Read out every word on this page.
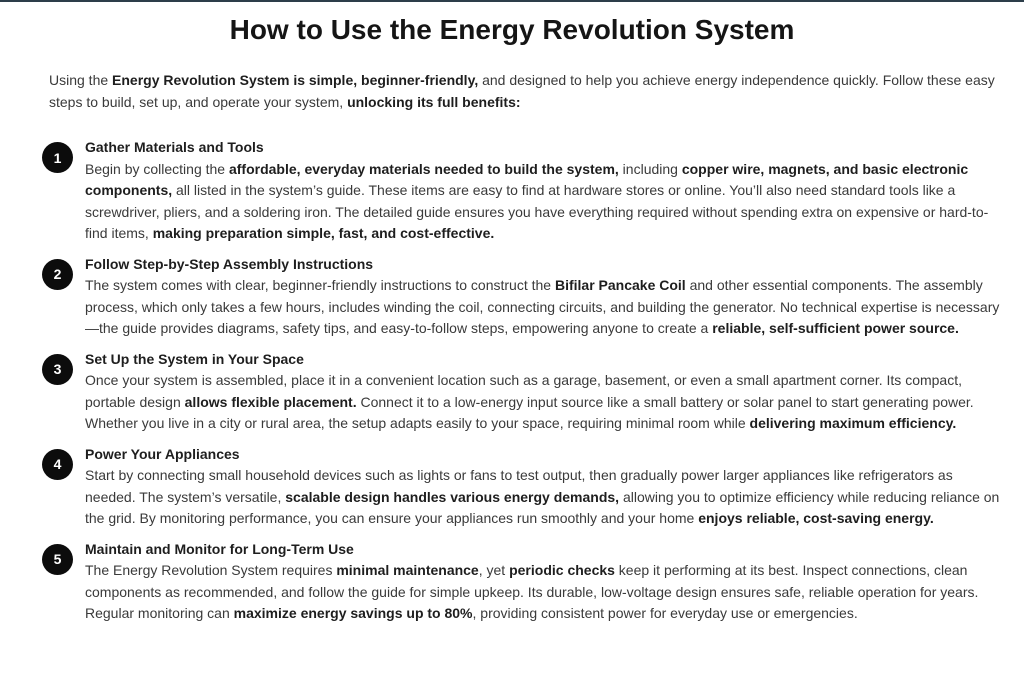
How to Use the Energy Revolution System

Using the Energy Revolution System is simple, beginner-friendly, and designed to help you achieve energy independence quickly. Follow these easy steps to build, set up, and operate your system, unlocking its full benefits:

1
Gather Materials and Tools
Begin by collecting the affordable, everyday materials needed to build the system, including copper wire, magnets, and basic electronic components, all listed in the system’s guide. These items are easy to find at hardware stores or online. You’ll also need standard tools like a screwdriver, pliers, and a soldering iron. The detailed guide ensures you have everything required without spending extra on expensive or hard-to-find items, making preparation simple, fast, and cost-effective.
2
Follow Step-by-Step Assembly Instructions
The system comes with clear, beginner-friendly instructions to construct the Bifilar Pancake Coil and other essential components. The assembly process, which only takes a few hours, includes winding the coil, connecting circuits, and building the generator. No technical expertise is necessary—the guide provides diagrams, safety tips, and easy-to-follow steps, empowering anyone to create a reliable, self-sufficient power source.
3
Set Up the System in Your Space
Once your system is assembled, place it in a convenient location such as a garage, basement, or even a small apartment corner. Its compact, portable design allows flexible placement. Connect it to a low-energy input source like a small battery or solar panel to start generating power. Whether you live in a city or rural area, the setup adapts easily to your space, requiring minimal room while delivering maximum efficiency.
4
Power Your Appliances
Start by connecting small household devices such as lights or fans to test output, then gradually power larger appliances like refrigerators as needed. The system’s versatile, scalable design handles various energy demands, allowing you to optimize efficiency while reducing reliance on the grid. By monitoring performance, you can ensure your appliances run smoothly and your home enjoys reliable, cost-saving energy.
5
Maintain and Monitor for Long-Term Use
The Energy Revolution System requires minimal maintenance, yet periodic checks keep it performing at its best. Inspect connections, clean components as recommended, and follow the guide for simple upkeep. Its durable, low-voltage design ensures safe, reliable operation for years. Regular monitoring can maximize energy savings up to 80%, providing consistent power for everyday use or emergencies.
